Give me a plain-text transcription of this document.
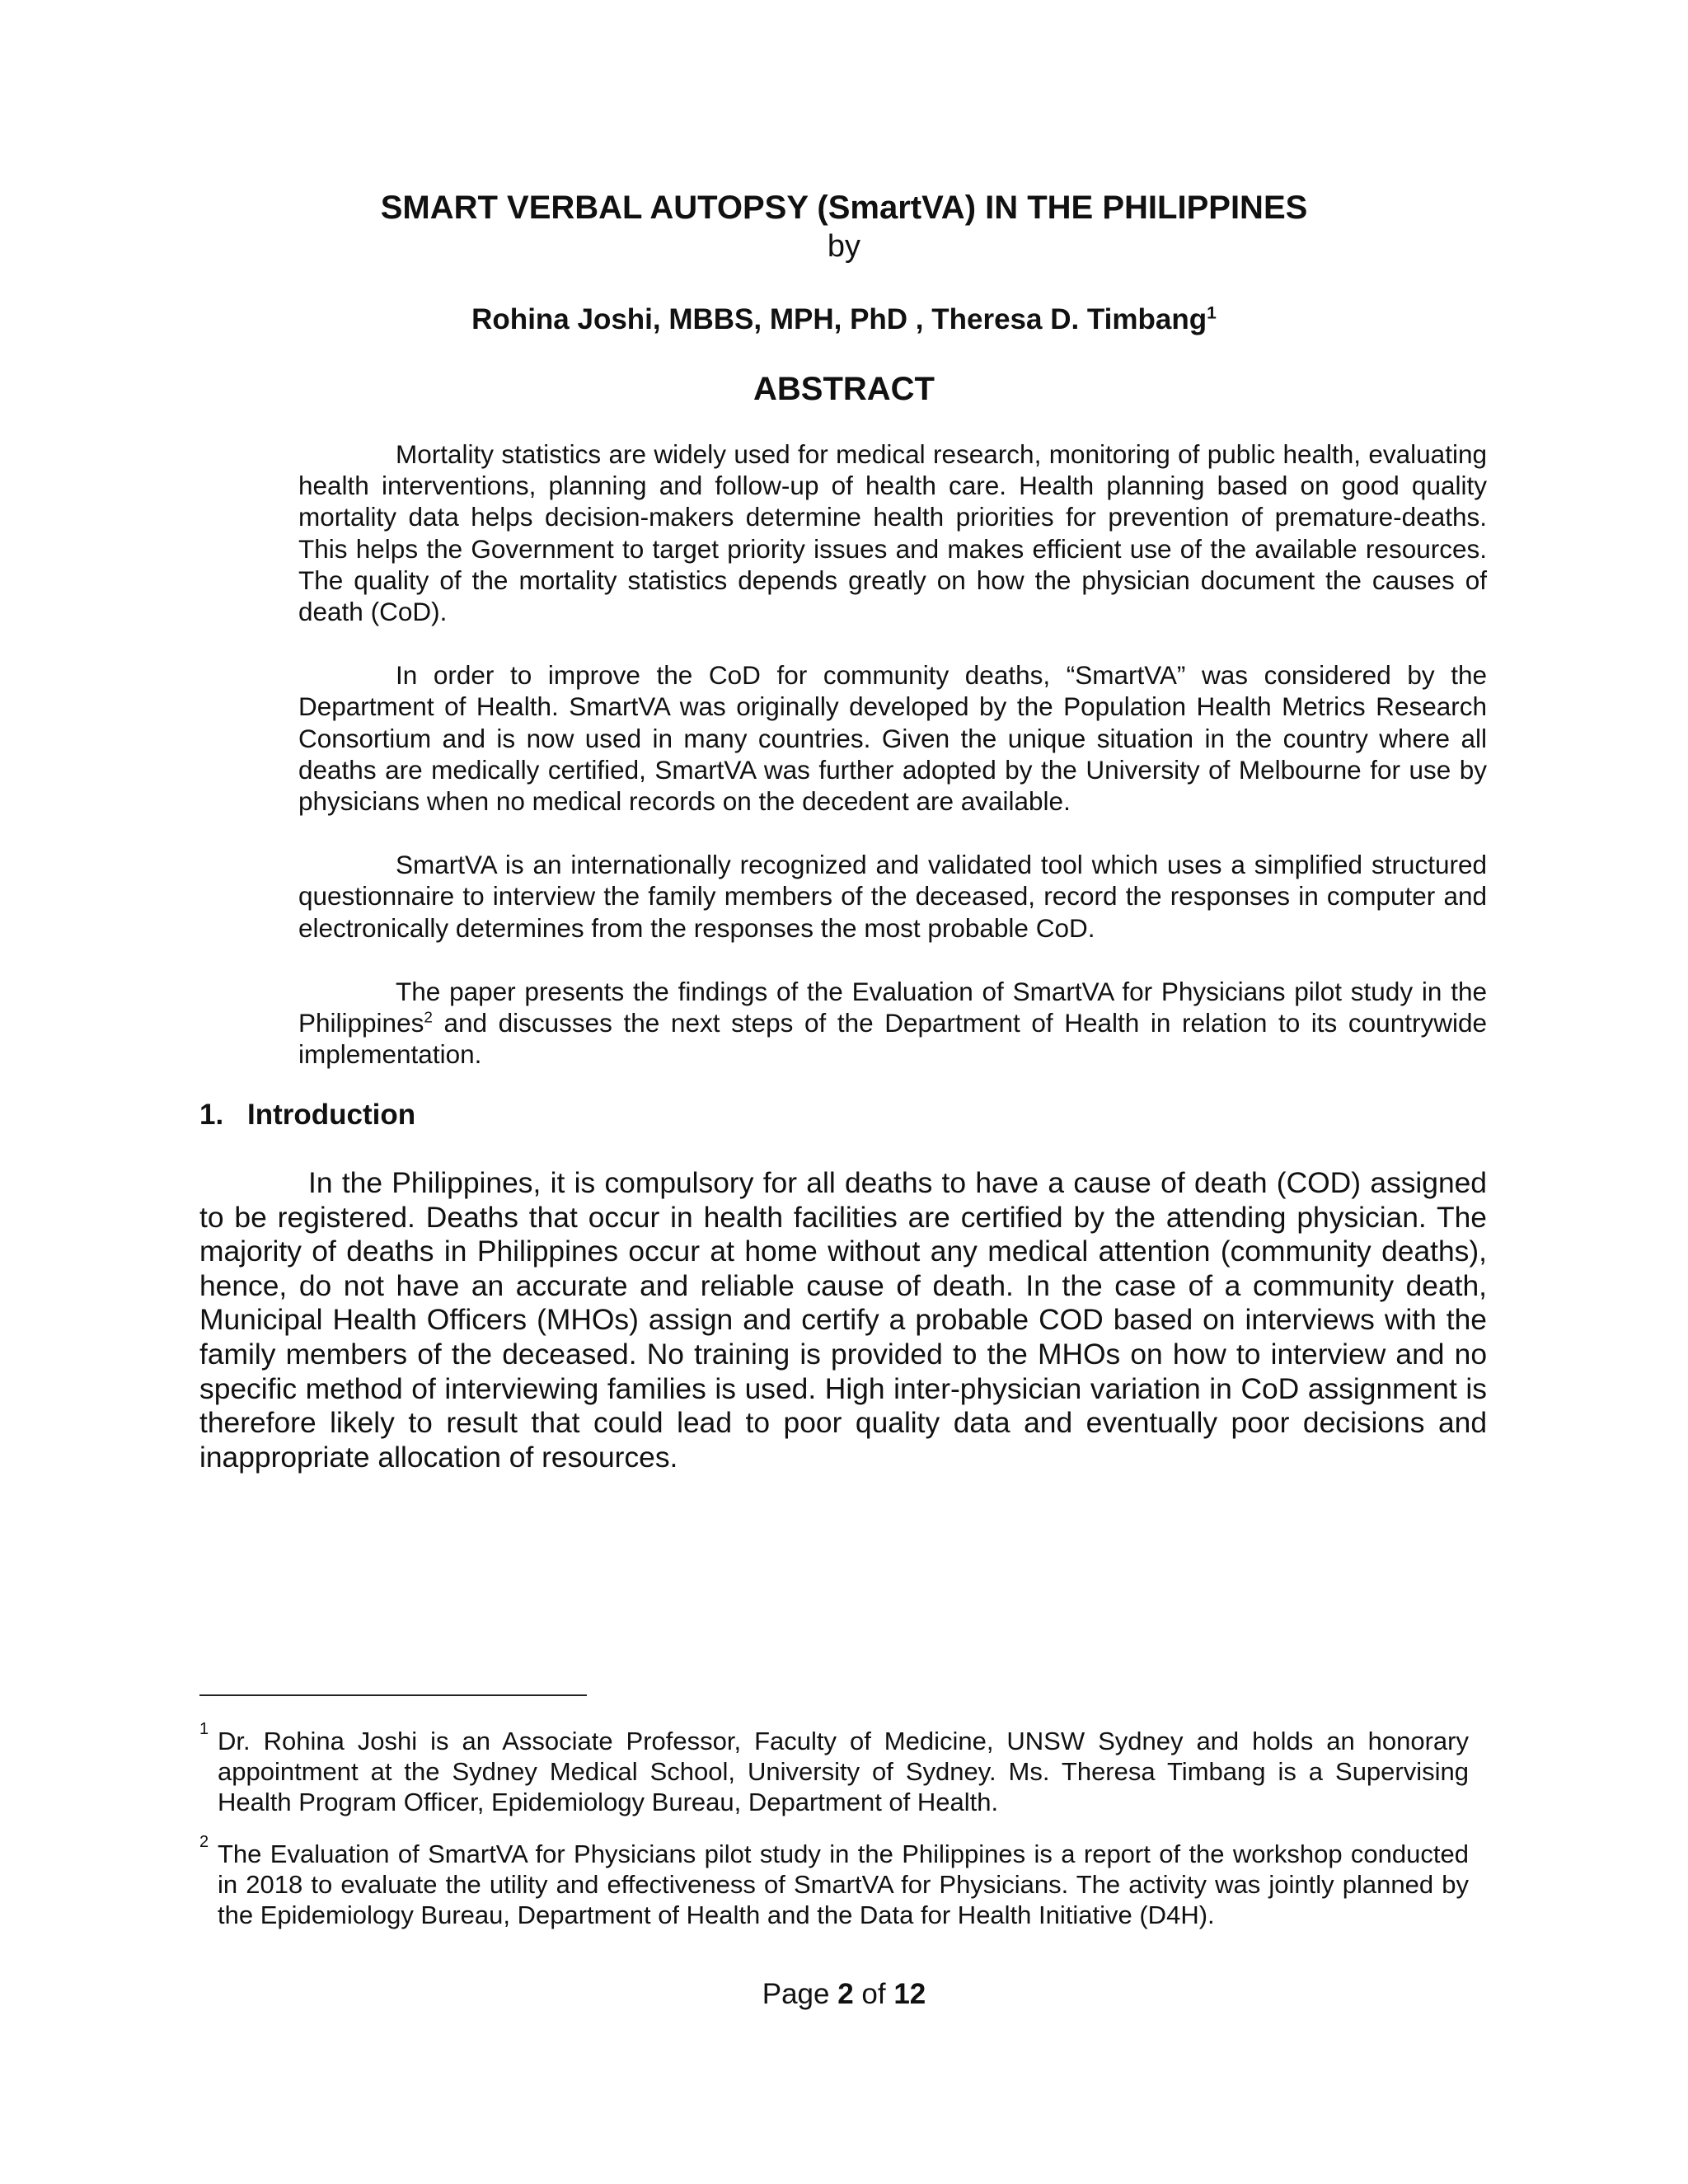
SMART VERBAL AUTOPSY (SmartVA) IN THE PHILIPPINES

by

Rohina Joshi, MBBS, MPH, PhD , Theresa D. Timbang$^1$

ABSTRACT

Mortality statistics are widely used for medical research, monitoring of public health, evaluating health interventions, planning and follow-up of health care. Health planning based on good quality mortality data helps decision-makers determine health priorities for prevention of premature-deaths. This helps the Government to target priority issues and makes efficient use of the available resources. The quality of the mortality statistics depends greatly on how the physician document the causes of death (CoD).

In order to improve the CoD for community deaths, “SmartVA” was considered by the Department of Health. SmartVA was originally developed by the Population Health Metrics Research Consortium and is now used in many countries. Given the unique situation in the country where all deaths are medically certified, SmartVA was further adopted by the University of Melbourne for use by physicians when no medical records on the decedent are available.

SmartVA is an internationally recognized and validated tool which uses a simplified structured questionnaire to interview the family members of the deceased, record the responses in computer and electronically determines from the responses the most probable CoD.

The paper presents the findings of the Evaluation of SmartVA for Physicians pilot study in the Philippines$^2$ and discusses the next steps of the Department of Health in relation to its countrywide implementation.

1. Introduction

In the Philippines, it is compulsory for all deaths to have a cause of death (COD) assigned to be registered. Deaths that occur in health facilities are certified by the attending physician. The majority of deaths in Philippines occur at home without any medical attention (community deaths), hence, do not have an accurate and reliable cause of death. In the case of a community death, Municipal Health Officers (MHOs) assign and certify a probable COD based on interviews with the family members of the deceased. No training is provided to the MHOs on how to interview and no specific method of interviewing families is used. High inter-physician variation in CoD assignment is therefore likely to result that could lead to poor quality data and eventually poor decisions and inappropriate allocation of resources.

1 Dr. Rohina Joshi is an Associate Professor, Faculty of Medicine, UNSW Sydney and holds an honorary appointment at the Sydney Medical School, University of Sydney. Ms. Theresa Timbang is a Supervising Health Program Officer, Epidemiology Bureau, Department of Health.

2 The Evaluation of SmartVA for Physicians pilot study in the Philippines is a report of the workshop conducted in 2018 to evaluate the utility and effectiveness of SmartVA for Physicians. The activity was jointly planned by the Epidemiology Bureau, Department of Health and the Data for Health Initiative (D4H).

Page 2 of 12
